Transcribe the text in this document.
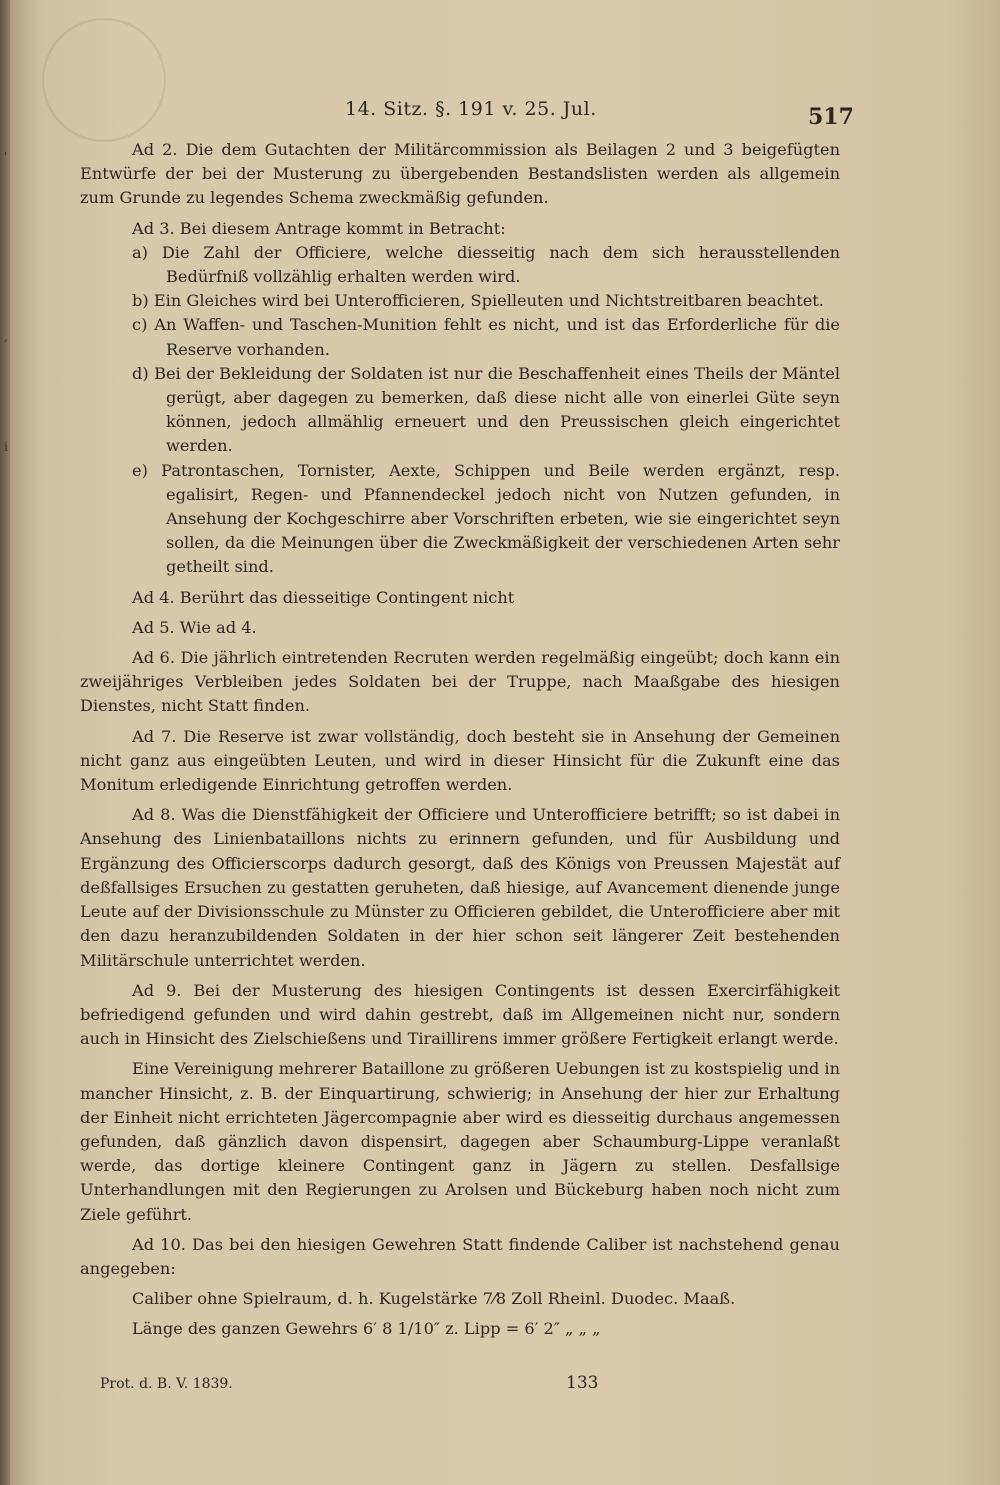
'
,
i
14. Sitz. §. 191 v. 25. Jul.	517

Ad 2. Die dem Gutachten der Militärcommission als Beilagen 2 und 3 beigefügten Entwürfe der bei der Musterung zu übergebenden Bestandslisten werden als allgemein zum Grunde zu legendes Schema zweckmäßig gefunden.

Ad 3. Bei diesem Antrage kommt in Betracht:

a) Die Zahl der Officiere, welche diesseitig nach dem sich herausstellenden Bedürfniß vollzählig erhalten werden wird.

b) Ein Gleiches wird bei Unterofficieren, Spielleuten und Nichtstreitbaren beachtet.

c) An Waffen- und Taschen-Munition fehlt es nicht, und ist das Erforderliche für die Reserve vorhanden.

d) Bei der Bekleidung der Soldaten ist nur die Beschaffenheit eines Theils der Mäntel gerügt, aber dagegen zu bemerken, daß diese nicht alle von einerlei Güte seyn können, jedoch allmählig erneuert und den Preussischen gleich eingerichtet werden.

e) Patrontaschen, Tornister, Aexte, Schippen und Beile werden ergänzt, resp. egalisirt, Regen- und Pfannendeckel jedoch nicht von Nutzen gefunden, in Ansehung der Kochgeschirre aber Vorschriften erbeten, wie sie eingerichtet seyn sollen, da die Meinungen über die Zweckmäßigkeit der verschiedenen Arten sehr getheilt sind.

Ad 4. Berührt das diesseitige Contingent nicht

Ad 5. Wie ad 4.

Ad 6. Die jährlich eintretenden Recruten werden regelmäßig eingeübt; doch kann ein zweijähriges Verbleiben jedes Soldaten bei der Truppe, nach Maaßgabe des hiesigen Dienstes, nicht Statt finden.

Ad 7. Die Reserve ist zwar vollständig, doch besteht sie in Ansehung der Gemeinen nicht ganz aus eingeübten Leuten, und wird in dieser Hinsicht für die Zukunft eine das Monitum erledigende Einrichtung getroffen werden.

Ad 8. Was die Dienstfähigkeit der Officiere und Unterofficiere betrifft; so ist dabei in Ansehung des Linienbataillons nichts zu erinnern gefunden, und für Ausbildung und Ergänzung des Officierscorps dadurch gesorgt, daß des Königs von Preussen Majestät auf deßfallsiges Ersuchen zu gestatten geruheten, daß hiesige, auf Avancement dienende junge Leute auf der Divisionsschule zu Münster zu Officieren gebildet, die Unterofficiere aber mit den dazu heranzubildenden Soldaten in der hier schon seit längerer Zeit bestehenden Militärschule unterrichtet werden.

Ad 9. Bei der Musterung des hiesigen Contingents ist dessen Exercirfähigkeit befriedigend gefunden und wird dahin gestrebt, daß im Allgemeinen nicht nur, sondern auch in Hinsicht des Zielschießens und Tiraillirens immer größere Fertigkeit erlangt werde.

Eine Vereinigung mehrerer Bataillone zu größeren Uebungen ist zu kostspielig und in mancher Hinsicht, z. B. der Einquartirung, schwierig; in Ansehung der hier zur Erhaltung der Einheit nicht errichteten Jägercompagnie aber wird es diesseitig durchaus angemessen gefunden, daß gänzlich davon dispensirt, dagegen aber Schaumburg-Lippe veranlaßt werde, das dortige kleinere Contingent ganz in Jägern zu stellen. Desfallsige Unterhandlungen mit den Regierungen zu Arolsen und Bückeburg haben noch nicht zum Ziele geführt.

Ad 10. Das bei den hiesigen Gewehren Statt findende Caliber ist nachstehend genau angegeben:

Caliber ohne Spielraum, d. h. Kugelstärke 7⁄8 Zoll Rheinl. Duodec. Maaß.

Länge des ganzen Gewehrs 6′ 8 1/10″ z. Lipp = 6′ 2″ „ „ „

Prot. d. B. V. 1839.	133
